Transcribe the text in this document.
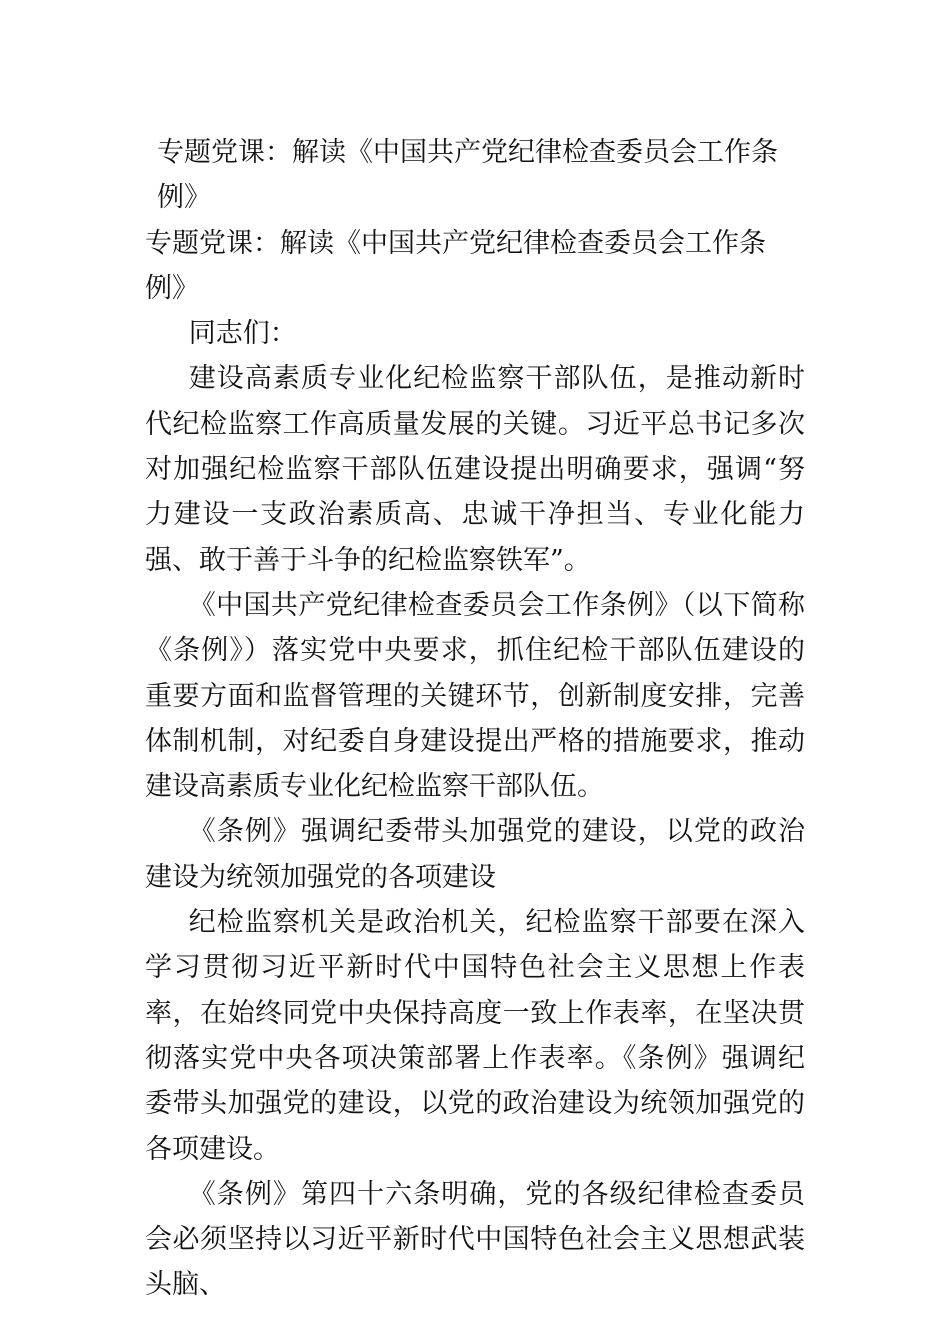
专题党课：解读《中国共产党纪律检查委员会工作条例》

专题党课：解读《中国共产党纪律检查委员会工作条例》

同志们：

建设高素质专业化纪检监察干部队伍，是推动新时代纪检监察工作高质量发展的关键。习近平总书记多次对加强纪检监察干部队伍建设提出明确要求，强调“努力建设一支政治素质高、忠诚干净担当、专业化能力强、敢于善于斗争的纪检监察铁军”。

《中国共产党纪律检查委员会工作条例》（以下简称《条例》）落实党中央要求，抓住纪检干部队伍建设的重要方面和监督管理的关键环节，创新制度安排，完善体制机制，对纪委自身建设提出严格的措施要求，推动建设高素质专业化纪检监察干部队伍。

《条例》强调纪委带头加强党的建设，以党的政治建设为统领加强党的各项建设

纪检监察机关是政治机关，纪检监察干部要在深入学习贯彻习近平新时代中国特色社会主义思想上作表率，在始终同党中央保持高度一致上作表率，在坚决贯彻落实党中央各项决策部署上作表率。《条例》强调纪委带头加强党的建设，以党的政治建设为统领加强党的各项建设。

《条例》第四十六条明确，党的各级纪律检查委员会必须坚持以习近平新时代中国特色社会主义思想武装头脑、
